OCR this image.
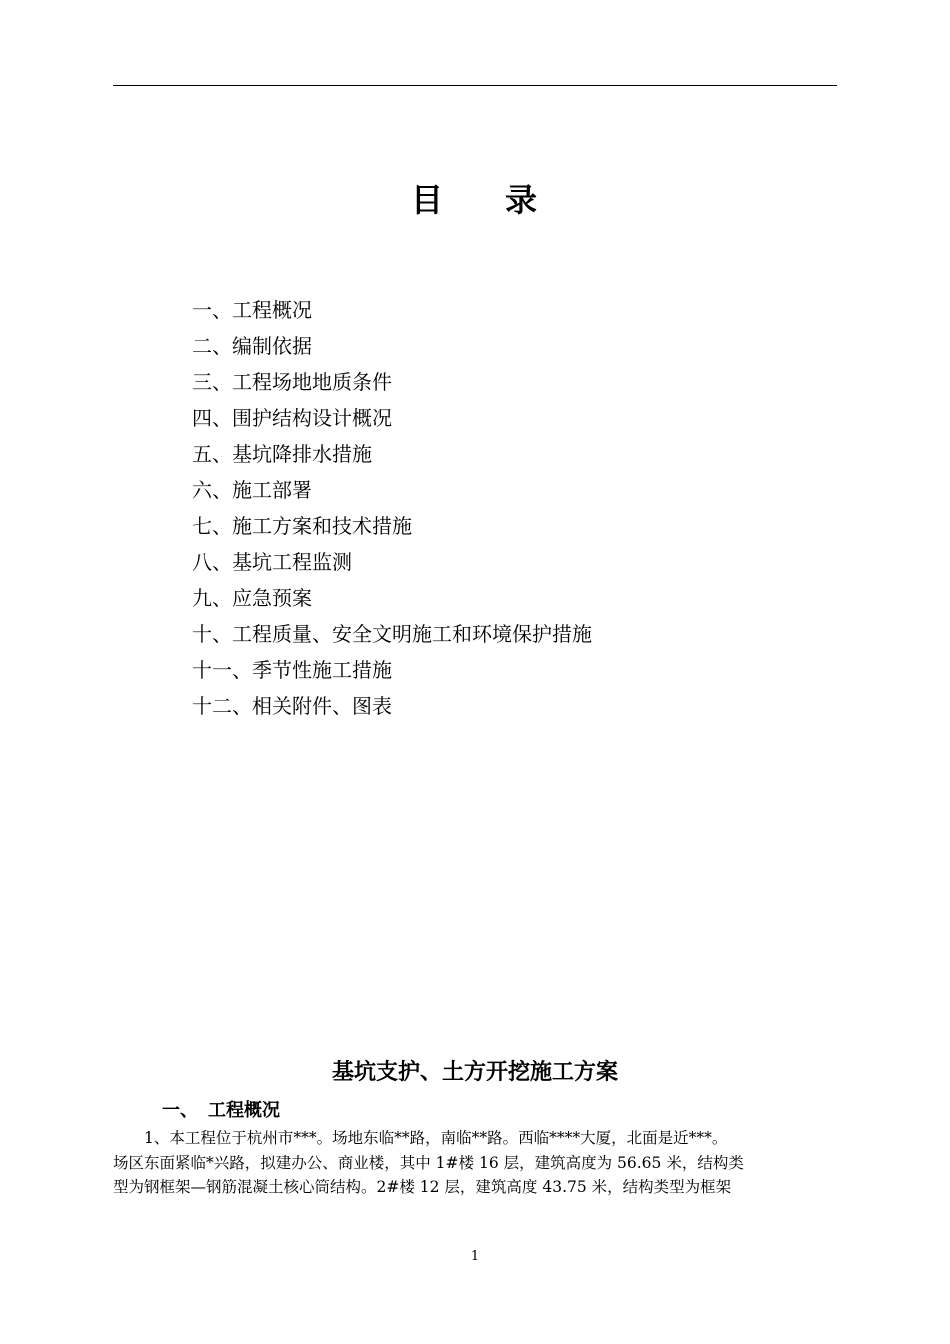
目 录
一、工程概况
二、编制依据
三、工程场地地质条件
四、围护结构设计概况
五、基坑降排水措施
六、施工部署
七、施工方案和技术措施
八、基坑工程监测
九、应急预案
十、工程质量、安全文明施工和环境保护措施
十一、季节性施工措施
十二、相关附件、图表
基坑支护、土方开挖施工方案
一、 工程概况

1、本工程位于杭州市***。场地东临**路，南临**路。西临****大厦，北面是近***。

场区东面紧临*兴路，拟建办公、商业楼，其中 1#楼 16 层，建筑高度为 56.65 米，结构类

型为钢框架—钢筋混凝土核心筒结构。2#楼 12 层，建筑高度 43.75 米，结构类型为框架

1
